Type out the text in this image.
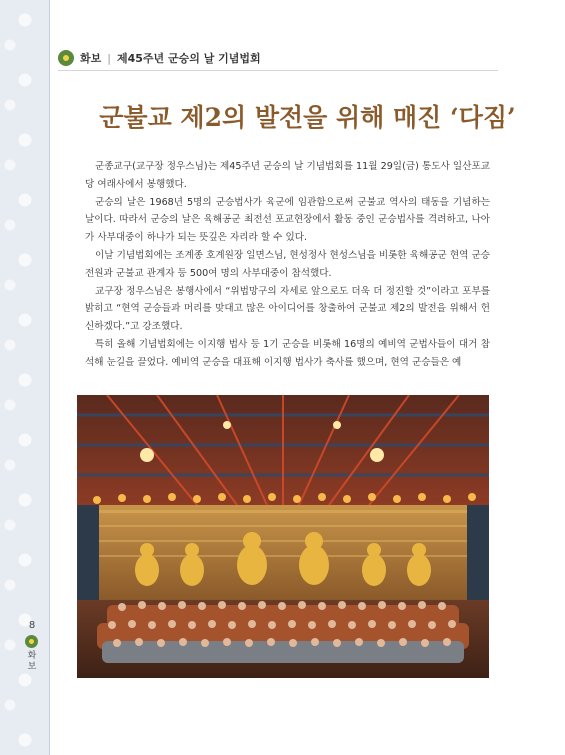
화보 | 제45주년 군승의 날 기념법회
군불교 제2의 발전을 위해 매진 ‘다짐’

군종교구(교구장 정우스님)는 제45주년 군승의 날 기념법회를 11월 29일(금) 통도사 일산포교당 여래사에서 봉행했다.

군승의 날은 1968년 5명의 군승법사가 육군에 임관함으로써 군불교 역사의 태동을 기념하는 날이다. 따라서 군승의 날은 육해공군 최전선 포교현장에서 활동 중인 군승법사를 격려하고, 나아가 사부대중이 하나가 되는 뜻깊은 자리라 할 수 있다.

이날 기념법회에는 조계종 호계원장 일면스님, 현성정사 현성스님을 비롯한 육해공군 현역 군승 전원과 군불교 관계자 등 500여 명의 사부대중이 참석했다.

교구장 정우스님은 봉행사에서 “위법망구의 자세로 앞으로도 더욱 더 정진할 것”이라고 포부를 밝히고 “현역 군승들과 머리를 맞대고 많은 아이디어를 창출하여 군불교 제2의 발전을 위해서 헌신하겠다.”고 강조했다.

특히 올해 기념법회에는 이지행 법사 등 1기 군승을 비롯해 16명의 예비역 군법사들이 대거 참석해 눈길을 끌었다. 예비역 군승을 대표해 이지행 법사가 축사를 했으며, 현역 군승들은 예

8
화보
